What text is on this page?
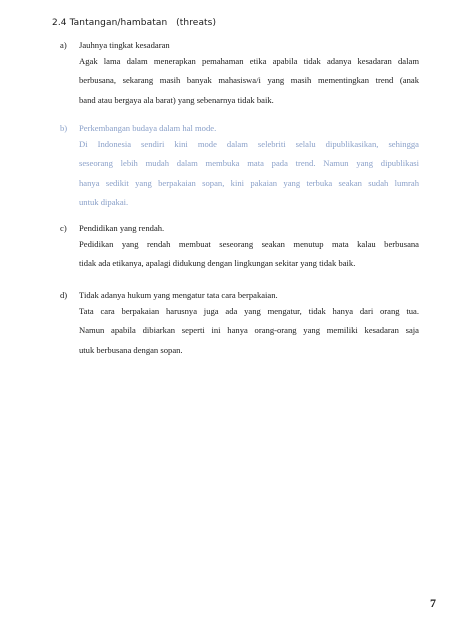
2.4 Tantangan/hambatan   (threats)
a)	Jauhnya tingkat kesadaran
Agak lama dalam menerapkan pemahaman etika apabila tidak adanya kesadaran dalam
berbusana, sekarang masih banyak mahasiswa/i yang masih mementingkan trend (anak
band atau bergaya ala barat) yang sebenarnya tidak baik.
b)	Perkembangan budaya dalam hal mode.
Di Indonesia sendiri kini mode dalam selebriti selalu dipublikasikan, sehingga
seseorang lebih mudah dalam membuka mata pada trend. Namun yang dipublikasi
hanya sedikit yang berpakaian sopan, kini pakaian yang terbuka seakan sudah lumrah
untuk dipakai.
c)	Pendidikan yang rendah.
Pedidikan yang rendah membuat seseorang seakan menutup mata kalau berbusana
tidak ada etikanya, apalagi didukung dengan lingkungan sekitar yang tidak baik.
d)	Tidak adanya hukum yang mengatur tata cara berpakaian.
Tata cara berpakaian harusnya juga ada yang mengatur, tidak hanya dari orang tua.
Namun apabila dibiarkan seperti ini hanya orang-orang yang memiliki kesadaran saja
utuk berbusana dengan sopan.
7
